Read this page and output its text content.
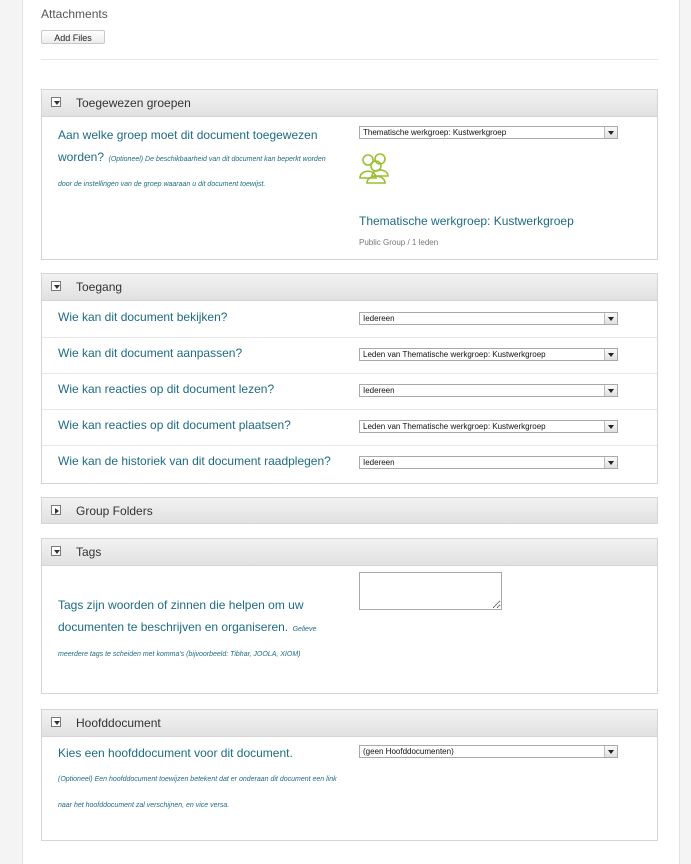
Attachments
Add Files
Toegewezen groepen
Aan welke groep moet dit document toegewezen worden? (Optioneel) De beschikbaarheid van dit document kan beperkt worden door de instellingen van de groep waaraan u dit document toewijst.
Thematische werkgroep: Kustwerkgroep
Thematische werkgroep: Kustwerkgroep
Public Group / 1 leden
Toegang
Wie kan dit document bekijken?	Iedereen
Wie kan dit document aanpassen?	Leden van Thematische werkgroep: Kustwerkgroep
Wie kan reacties op dit document lezen?	Iedereen
Wie kan reacties op dit document plaatsen?	Leden van Thematische werkgroep: Kustwerkgroep
Wie kan de historiek van dit document raadplegen?	Iedereen
Group Folders
Tags
Tags zijn woorden of zinnen die helpen om uw documenten te beschrijven en organiseren. Gelieve meerdere tags te scheiden met komma's (bijvoorbeeld: Tibhar, JOOLA, XIOM)
Hoofddocument
Kies een hoofddocument voor dit document.
(Optioneel) Een hoofddocument toewijzen betekent dat er onderaan dit document een link naar het hoofddocument zal verschijnen, en vice versa.
(geen Hoofddocumenten)
